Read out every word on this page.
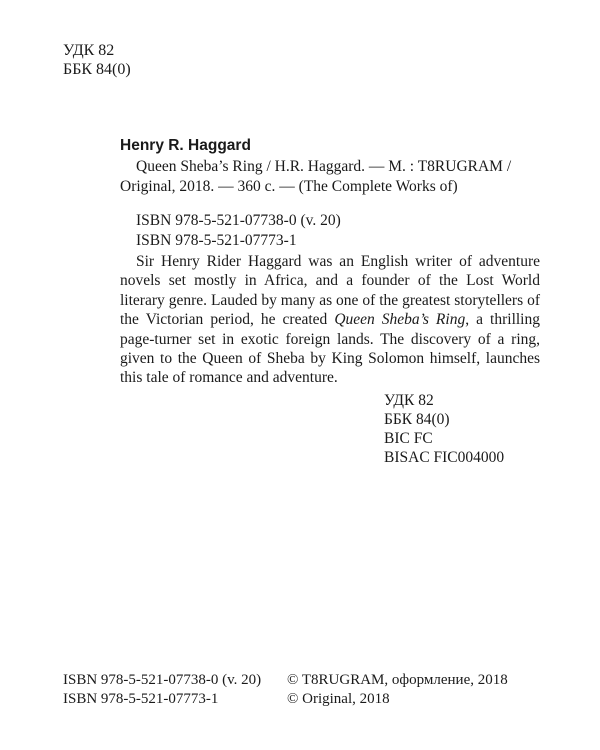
УДК 82
ББК 84(0)
Henry R. Haggard
Queen Sheba’s Ring / H.R. Haggard. — M. : T8RUGRAM /
Original, 2018. — 360 с. — (The Complete Works of)
ISBN 978-5-521-07738-0 (v. 20)
ISBN 978-5-521-07773-1

Sir Henry Rider Haggard was an English writer of adventure novels set mostly in Africa, and a founder of the Lost World literary genre. Lauded by many as one of the greatest storytellers of the Victorian period, he created Queen Sheba’s Ring, a thrilling page-turner set in exotic foreign lands. The discovery of a ring, given to the Queen of Sheba by King Solomon himself, launches this tale of romance and adventure.

УДК 82
ББК 84(0)
BIC FC
BISAC FIC004000
ISBN 978-5-521-07738-0 (v. 20)	© T8RUGRAM, оформление, 2018
ISBN 978-5-521-07773-1	© Original, 2018
